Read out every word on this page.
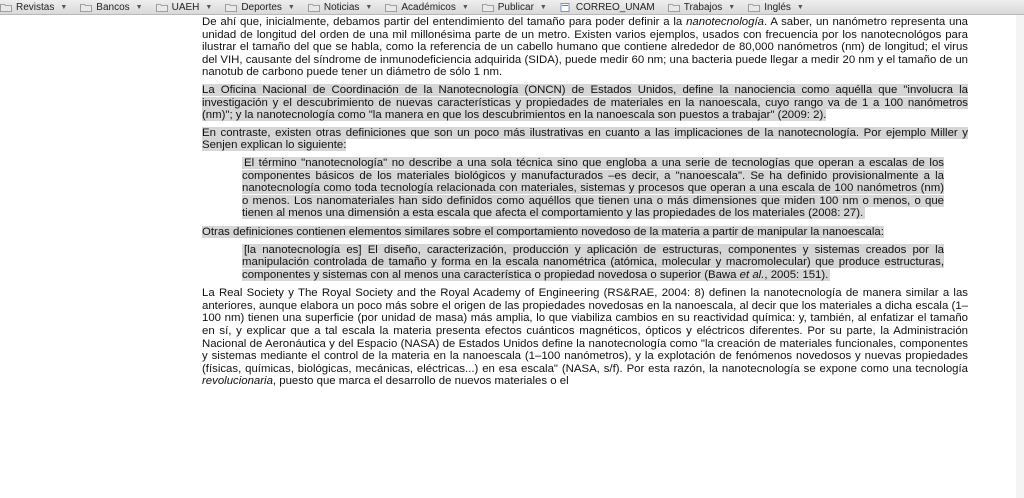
Revistas ▼	Bancos ▼	UAEH ▼	Deportes ▼	Noticias ▼	Académicos ▼	Publicar ▼	CORREO_UNAM	Trabajos ▼	Inglés ▼

De ahí que, inicialmente, debamos partir del entendimiento del tamaño para poder definir a la nanotecnología. A saber, un nanómetro representa una unidad de longitud del orden de una mil millonésima parte de un metro. Existen varios ejemplos, usados con frecuencia por los nanotecnológos para ilustrar el tamaño del que se habla, como la referencia de un cabello humano que contiene alrededor de 80,000 nanómetros (nm) de longitud; el virus del VIH, causante del síndrome de inmunodeficiencia adquirida (SIDA), puede medir 60 nm; una bacteria puede llegar a medir 20 nm y el tamaño de un nanotub de carbono puede tener un diámetro de sólo 1 nm.

La Oficina Nacional de Coordinación de la Nanotecnología (ONCN) de Estados Unidos, define la nanociencia como aquélla que "involucra la investigación y el descubrimiento de nuevas características y propiedades de materiales en la nanoescala, cuyo rango va de 1 a 100 nanómetros (nm)"; y la nanotecnología como "la manera en que los descubrimientos en la nanoescala son puestos a trabajar" (2009: 2).

En contraste, existen otras definiciones que son un poco más ilustrativas en cuanto a las implicaciones de la nanotecnología. Por ejemplo Miller y Senjen explican lo siguiente:

El término "nanotecnología" no describe a una sola técnica sino que engloba a una serie de tecnologías que operan a escalas de los componentes básicos de los materiales biológicos y manufacturados –es decir, a "nanoescala". Se ha definido provisionalmente a la nanotecnología como toda tecnología relacionada con materiales, sistemas y procesos que operan a una escala de 100 nanómetros (nm) o menos. Los nanomateriales han sido definidos como aquéllos que tienen una o más dimensiones que miden 100 nm o menos, o que tienen al menos una dimensión a esta escala que afecta el comportamiento y las propiedades de los materiales (2008: 27).

Otras definiciones contienen elementos similares sobre el comportamiento novedoso de la materia a partir de manipular la nanoescala:

[la nanotecnología es] El diseño, caracterización, producción y aplicación de estructuras, componentes y sistemas creados por la manipulación controlada de tamaño y forma en la escala nanométrica (atómica, molecular y macromolecular) que produce estructuras, componentes y sistemas con al menos una característica o propiedad novedosa o superior (Bawa et al., 2005: 151).

La Real Society y The Royal Society and the Royal Academy of Engineering (RS&RAE, 2004: 8) definen la nanotecnología de manera similar a las anteriores, aunque elabora un poco más sobre el origen de las propiedades novedosas en la nanoescala, al decir que los materiales a dicha escala (1–100 nm) tienen una superficie (por unidad de masa) más amplia, lo que viabiliza cambios en su reactividad química: y, también, al enfatizar el tamaño en sí, y explicar que a tal escala la materia presenta efectos cuánticos magnéticos, ópticos y eléctricos diferentes. Por su parte, la Administración Nacional de Aeronáutica y del Espacio (NASA) de Estados Unidos define la nanotecnología como "la creación de materiales funcionales, componentes y sistemas mediante el control de la materia en la nanoescala (1–100 nanómetros), y la explotación de fenómenos novedosos y nuevas propiedades (físicas, químicas, biológicas, mecánicas, eléctricas...) en esa escala" (NASA, s/f). Por esta razón, la nanotecnología se expone como una tecnología revolucionaria, puesto que marca el desarrollo de nuevos materiales o el
